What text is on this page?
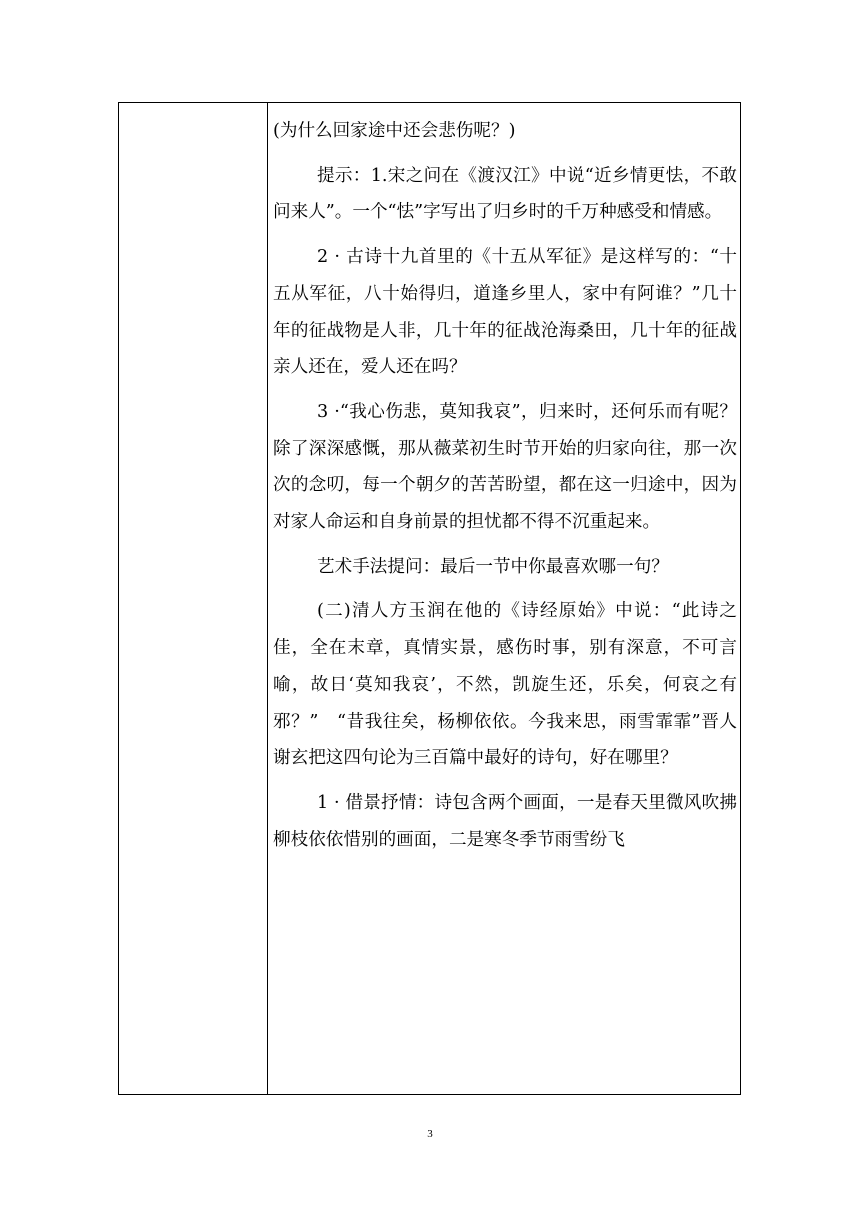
(为什么回家途中还会悲伤呢？)

提示：1.宋之问在《渡汉江》中说“近乡情更怯，不敢问来人”。一个“怯”字写出了归乡时的千万种感受和情感。

2 · 古诗十九首里的《十五从军征》是这样写的：“十五从军征，八十始得归，道逢乡里人，家中有阿谁？”几十年的征战物是人非，几十年的征战沧海桑田，几十年的征战亲人还在，爱人还在吗？

3 ·“我心伤悲，莫知我哀”，归来时，还何乐而有呢？除了深深感慨，那从薇菜初生时节开始的归家向往，那一次次的念叨，每一个朝夕的苦苦盼望，都在这一归途中，因为对家人命运和自身前景的担忧都不得不沉重起来。

艺术手法提问：最后一节中你最喜欢哪一句？

(二)清人方玉润在他的《诗经原始》中说：“此诗之佳，全在末章，真情实景，感伤时事，别有深意，不可言喻，故日‘莫知我哀’，不然，凯旋生还，乐矣，何哀之有邪？”　“昔我往矣，杨柳依依。今我来思，雨雪霏霏”晋人谢玄把这四句论为三百篇中最好的诗句，好在哪里？

1 · 借景抒情：诗包含两个画面，一是春天里微风吹拂柳枝依依惜别的画面，二是寒冬季节雨雪纷飞

3
